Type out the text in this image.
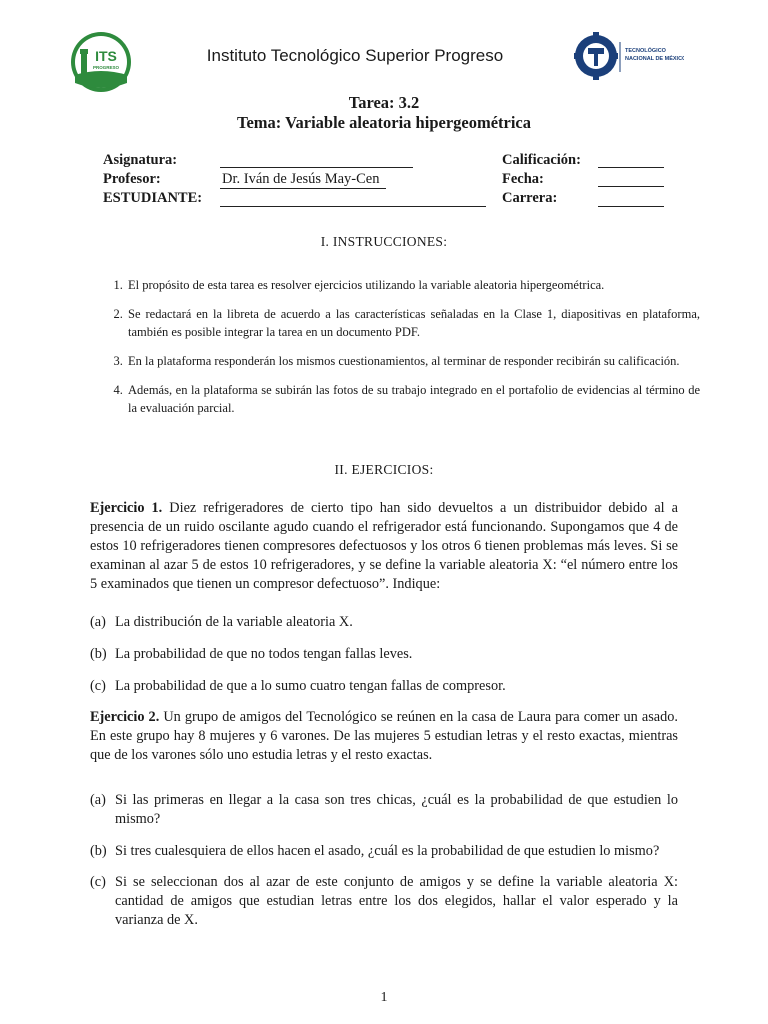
ITS
PROGRESO
Instituto Tecnológico Superior Progreso	TECNOLÓGICO
NACIONAL DE MÉXICO
Tarea: 3.2
Tema: Variable aleatoria hipergeométrica
Asignatura:
Profesor:	Dr. Iván de Jesús May-Cen
ESTUDIANTE:
Calificación:
Fecha:
Carrera:
I. INSTRUCCIONES:
1. El propósito de esta tarea es resolver ejercicios utilizando la variable aleatoria hipergeométrica.
2. Se redactará en la libreta de acuerdo a las características señaladas en la Clase 1, diapositivas en plataforma, también es posible integrar la tarea en un documento PDF.
3. En la plataforma responderán los mismos cuestionamientos, al terminar de responder recibirán su calificación.
4. Además, en la plataforma se subirán las fotos de su trabajo integrado en el portafolio de evidencias al término de la evaluación parcial.
II. EJERCICIOS:
Ejercicio 1. Diez refrigeradores de cierto tipo han sido devueltos a un distribuidor debido al a presencia de un ruido oscilante agudo cuando el refrigerador está funcionando. Supongamos que 4 de estos 10 refrigeradores tienen compresores defectuosos y los otros 6 tienen problemas más leves. Si se examinan al azar 5 de estos 10 refrigeradores, y se define la variable aleatoria X: “el número entre los 5 examinados que tienen un compresor defectuoso”. Indique:
(a) La distribución de la variable aleatoria X.
(b) La probabilidad de que no todos tengan fallas leves.
(c) La probabilidad de que a lo sumo cuatro tengan fallas de compresor.
Ejercicio 2. Un grupo de amigos del Tecnológico se reúnen en la casa de Laura para comer un asado. En este grupo hay 8 mujeres y 6 varones. De las mujeres 5 estudian letras y el resto exactas, mientras que de los varones sólo uno estudia letras y el resto exactas.
(a) Si las primeras en llegar a la casa son tres chicas, ¿cuál es la probabilidad de que estudien lo mismo?
(b) Si tres cualesquiera de ellos hacen el asado, ¿cuál es la probabilidad de que estudien lo mismo?
(c) Si se seleccionan dos al azar de este conjunto de amigos y se define la variable aleatoria X: cantidad de amigos que estudian letras entre los dos elegidos, hallar el valor esperado y la varianza de X.
1
